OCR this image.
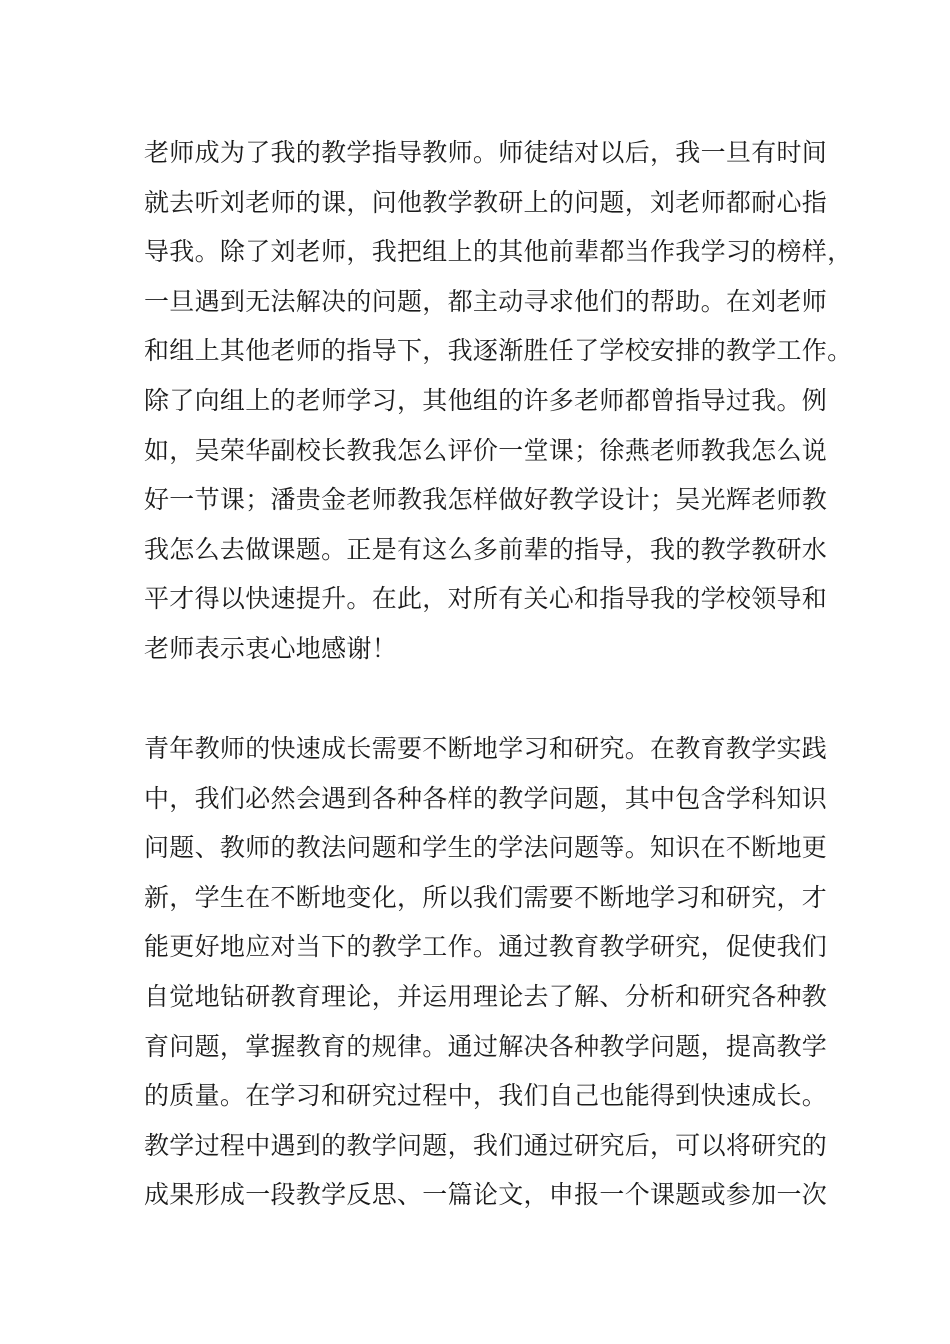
老师成为了我的教学指导教师。师徒结对以后，我一旦有时间
就去听刘老师的课，问他教学教研上的问题，刘老师都耐心指
导我。除了刘老师，我把组上的其他前辈都当作我学习的榜样，
一旦遇到无法解决的问题，都主动寻求他们的帮助。在刘老师
和组上其他老师的指导下，我逐渐胜任了学校安排的教学工作。
除了向组上的老师学习，其他组的许多老师都曾指导过我。例
如，吴荣华副校长教我怎么评价一堂课；徐燕老师教我怎么说
好一节课；潘贵金老师教我怎样做好教学设计；吴光辉老师教
我怎么去做课题。正是有这么多前辈的指导，我的教学教研水
平才得以快速提升。在此，对所有关心和指导我的学校领导和
老师表示衷心地感谢！
青年教师的快速成长需要不断地学习和研究。在教育教学实践
中，我们必然会遇到各种各样的教学问题，其中包含学科知识
问题、教师的教法问题和学生的学法问题等。知识在不断地更
新，学生在不断地变化，所以我们需要不断地学习和研究，才
能更好地应对当下的教学工作。通过教育教学研究，促使我们
自觉地钻研教育理论，并运用理论去了解、分析和研究各种教
育问题，掌握教育的规律。通过解决各种教学问题，提高教学
的质量。在学习和研究过程中，我们自己也能得到快速成长。
教学过程中遇到的教学问题，我们通过研究后，可以将研究的
成果形成一段教学反思、一篇论文，申报一个课题或参加一次
